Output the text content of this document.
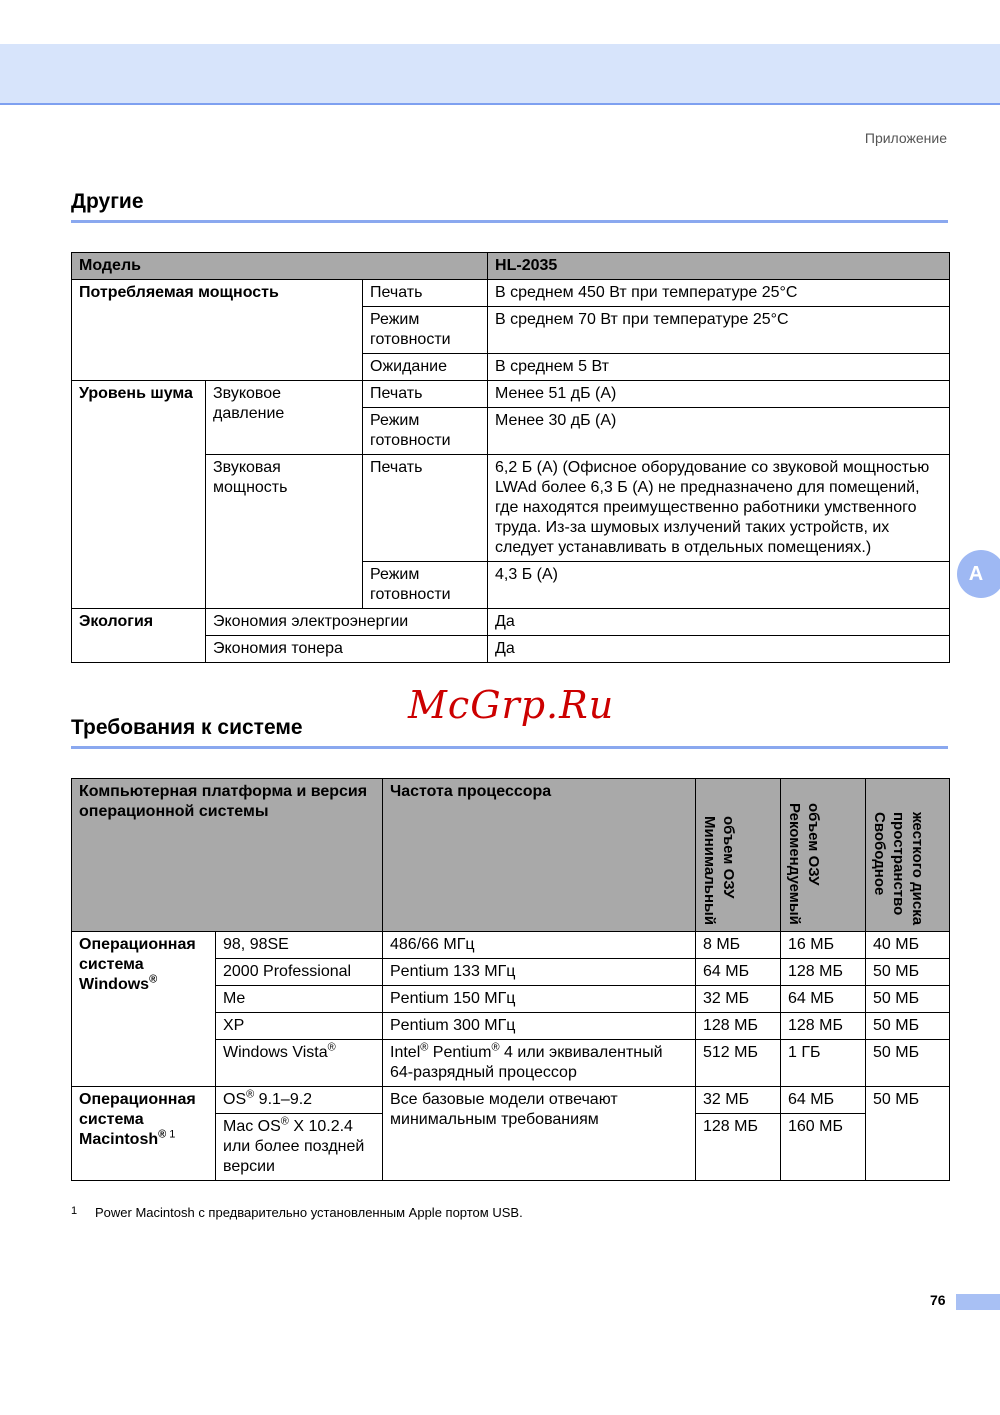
Приложение
Другие
Модель			HL-2035
Потребляемая мощность		Печать	В среднем 450 Вт при температуре 25°C
		Режим готовности	В среднем 70 Вт при температуре 25°C
		Ожидание	В среднем 5 Вт
Уровень шума	Звуковое давление	Печать	Менее 51 дБ (А)
		Режим готовности	Менее 30 дБ (А)
	Звуковая мощность	Печать	6,2 Б (А) (Офисное оборудование со звуковой мощностью LWAd более 6,3 Б (А) не предназначено для помещений, где находятся преимущественно работники умственного труда. Из-за шумовых излучений таких устройств, их следует устанавливать в отдельных помещениях.)
		Режим готовности	4,3 Б (А)
Экология	Экономия электроэнергии		Да
	Экономия тонера		Да
McGrp.Ru
Требования к системе
Компьютерная платформа и версия операционной системы		Частота процессора	Минимальный объем ОЗУ	Рекомендуемый объем ОЗУ	Свободное пространство жесткого диска

Операционная система
Windows®	98, 98SE	486/66 МГц	8 МБ	16 МБ	40 МБ
	2000 Professional	Pentium 133 МГц	64 МБ	128 МБ	50 МБ
	Me	Pentium 150 МГц	32 МБ	64 МБ	50 МБ
	XP	Pentium 300 МГц	128 МБ	128 МБ	50 МБ
	Windows Vista®	Intel® Pentium® 4 или эквивалентный 64-разрядный процессор	512 МБ	1 ГБ	50 МБ
Операционная система
Macintosh® $^1$	OS® 9.1–9.2	Все базовые модели отвечают минимальным требованиям	32 МБ	64 МБ	50 МБ
	Mac OS® X 10.2.4 или более поздней версии		128 МБ	160 МБ	
1 Power Macintosh с предварительно установленным Apple портом USB.
A
76
